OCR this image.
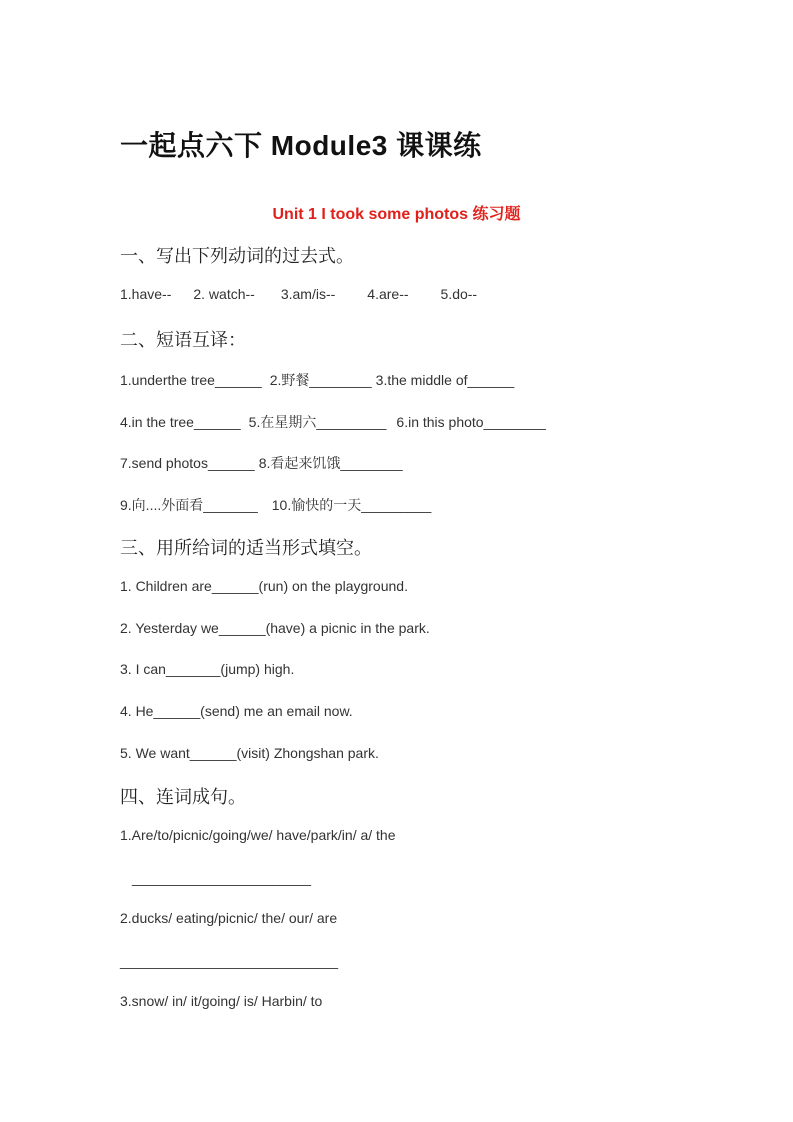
一起点六下 Module3 课课练
Unit 1 I took some photos 练习题
一、写出下列动词的过去式。
1.have-- 2. watch-- 3.am/is-- 4.are-- 5.do--
二、短语互译：
1.underthe tree______ 2.野餐________ 3.the middle of______
4.in the tree______ 5.在星期六_________ 6.in this photo________
7.send photos______ 8.看起来饥饿________
9.向....外面看_______ 10.愉快的一天_________
三、用所给词的适当形式填空。
1. Children are______(run) on the playground.
2. Yesterday we______(have) a picnic in the park.
3. I can_______(jump) high.
4. He______(send) me an email now.
5. We want______(visit) Zhongshan park.
四、连词成句。
1.Are/to/picnic/going/we/ have/park/in/ a/ the
_______________________
2.ducks/ eating/picnic/ the/ our/ are
____________________________
3.snow/ in/ it/going/ is/ Harbin/ to
